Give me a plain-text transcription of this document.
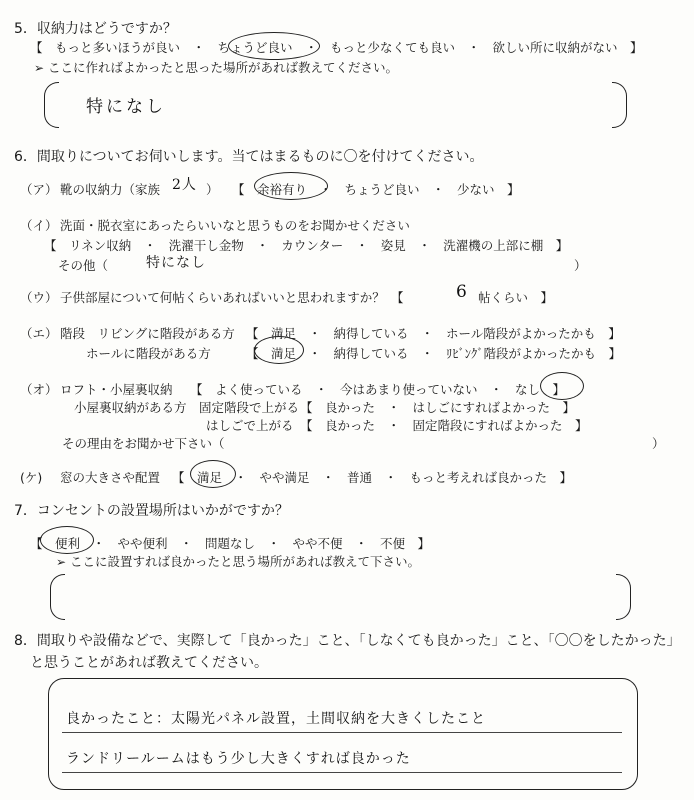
5．収納力はどうですか？
【　もっと多いほうが良い　・　ちょうど良い　・　もっと少なくても良い　・　欲しい所に収納がない　】
➢ ここに作ればよかったと思った場所があれば教えてください。
特になし
6．間取りについてお伺いします。当てはまるものに〇を付けてください。
（ア） 靴の収納力（家族 2人 ） 【　余裕有り　・　ちょうど良い　・　少ない　】
（イ） 洗面・脱衣室にあったらいいなと思うものをお聞かせください
【　リネン収納　・　洗濯干し金物　・　カウンター　・　姿見　・　洗濯機の上部に棚　】
その他（	特になし	）
（ウ） 子供部屋について何帖くらいあればいいと思われますか？　【	6 帖くらい　】
（エ） 階段　リビングに階段がある方 【　満足　・　納得している　・　ホール階段がよかったかも　】
ホールに階段がある方	【　満足　・　納得している　・　ﾘﾋﾞﾝｸﾞ階段がよかったかも　】
（オ） ロフト・小屋裏収納 【　よく使っている　・　今はあまり使っていない　・　なし　】
小屋裏収納がある方　固定階段で上がる 【　良かった　・　はしごにすればよかった　】
はしごで上がる 【　良かった　・　固定階段にすればよかった　】
その理由をお聞かせ下さい（	）
(ケ) 窓の大きさや配置 【　満足　・　やや満足　・　普通　・　もっと考えれば良かった　】
7．コンセントの設置場所はいかがですか？
【　便利　・　やや便利　・　問題なし　・　やや不便　・　不便　】
➢ ここに設置すれば良かったと思う場所があれば教えて下さい。
8．間取りや設備などで、実際して「良かった」こと、「しなくても良かった」こと、「〇〇をしたかった」
と思うことがあれば教えてください。
良かったこと：太陽光パネル設置，土間収納を大きくしたこと
ランドリールームはもう少し大きくすれば良かった
